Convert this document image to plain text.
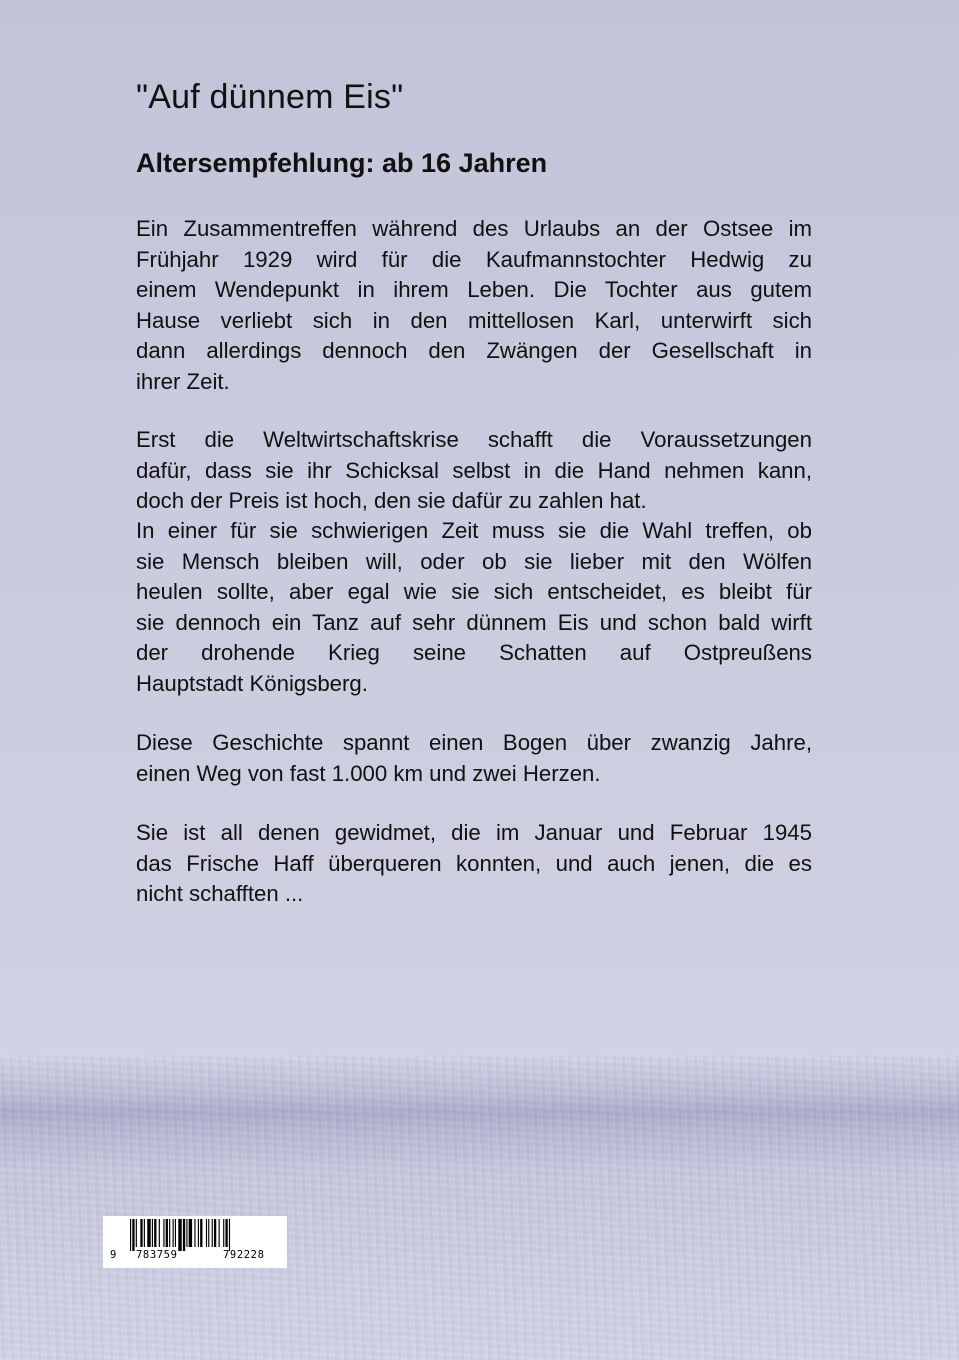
"Auf dünnem Eis"
Altersempfehlung: ab 16 Jahren

Ein Zusammentreffen während des Urlaubs an der Ostsee im
Frühjahr 1929 wird für die Kaufmannstochter Hedwig zu
einem Wendepunkt in ihrem Leben. Die Tochter aus gutem
Hause verliebt sich in den mittellosen Karl, unterwirft sich
dann allerdings dennoch den Zwängen der Gesellschaft in
ihrer Zeit.

Erst die Weltwirtschaftskrise schafft die Voraussetzungen
dafür, dass sie ihr Schicksal selbst in die Hand nehmen kann,
doch der Preis ist hoch, den sie dafür zu zahlen hat.

In einer für sie schwierigen Zeit muss sie die Wahl treffen, ob
sie Mensch bleiben will, oder ob sie lieber mit den Wölfen
heulen sollte, aber egal wie sie sich entscheidet, es bleibt für
sie dennoch ein Tanz auf sehr dünnem Eis und schon bald wirft
der drohende Krieg seine Schatten auf Ostpreußens
Hauptstadt Königsberg.

Diese Geschichte spannt einen Bogen über zwanzig Jahre,
einen Weg von fast 1.000 km und zwei Herzen.

Sie ist all denen gewidmet, die im Januar und Februar 1945
das Frische Haff überqueren konnten, und auch jenen, die es
nicht schafften ...

9 783759	792228
